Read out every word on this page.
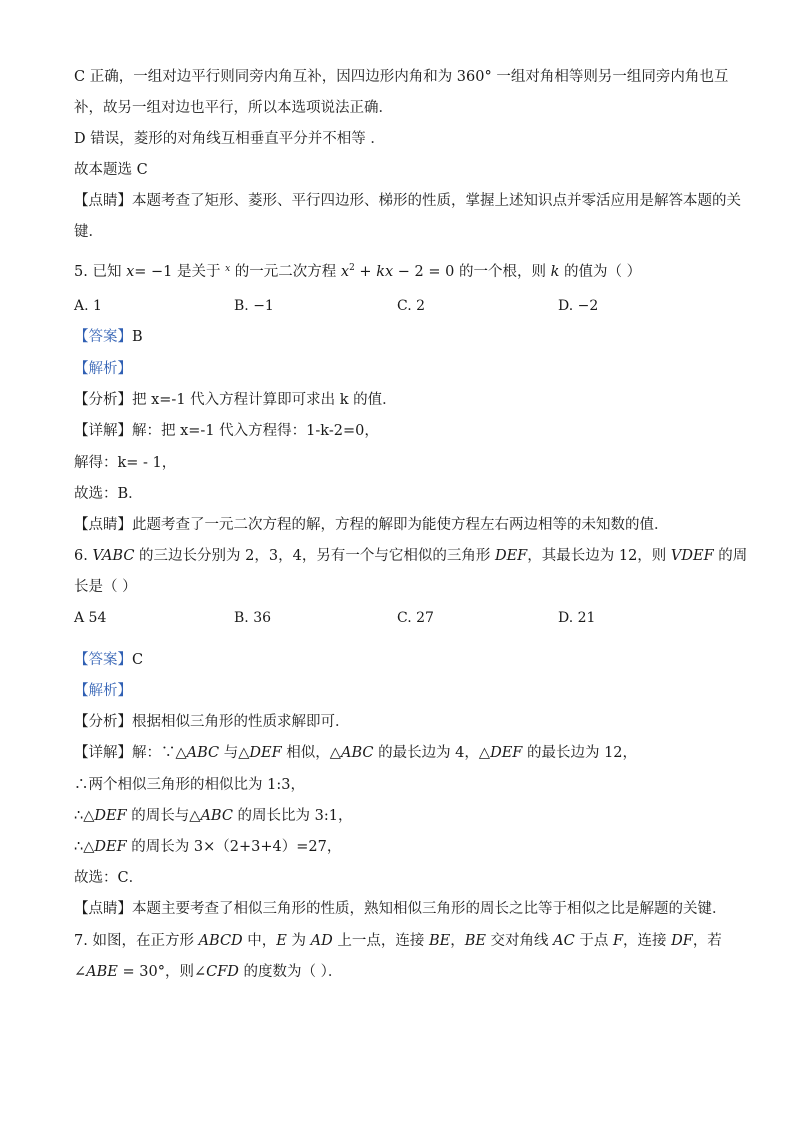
C 正确，一组对边平行则同旁内角互补，因四边形内角和为 360° 一组对角相等则另一组同旁内角也互
补，故另一组对边也平行，所以本选项说法正确．
D 错误，菱形的对角线互相垂直平分并不相等 ．
故本题选 C
【点睛】本题考查了矩形、菱形、平行四边形、梯形的性质，掌握上述知识点并零活应用是解答本题的关
键．
5. 已知 x= −1 是关于 $^x$ 的一元二次方程 $x^2$ + kx − 2 = 0 的一个根，则 k 的值为（ ）
A. 1	B. −1	C. 2	D. −2
【答案】B
【解析】
【分析】把 x=-1 代入方程计算即可求出 k 的值．
【详解】解：把 x=-1 代入方程得：1-k-2=0，
解得：k= - 1，
故选：B．
【点睛】此题考查了一元二次方程的解，方程的解即为能使方程左右两边相等的未知数的值．
6. VABC 的三边长分别为 2，3，4，另有一个与它相似的三角形 DEF，其最长边为 12，则 VDEF 的周
长是（ ）
A 54	B. 36	C. 27	D. 21
【答案】C
【解析】
【分析】根据相似三角形的性质求解即可．
【详解】解：∵△ABC 与△DEF 相似，△ABC 的最长边为 4，△DEF 的最长边为 12，
∴两个相似三角形的相似比为 1:3，
∴△DEF 的周长与△ABC 的周长比为 3:1，
∴△DEF 的周长为 3×（2+3+4）=27，
故选：C．
【点睛】本题主要考查了相似三角形的性质，熟知相似三角形的周长之比等于相似之比是解题的关键．
7. 如图，在正方形 ABCD 中，E 为 AD 上一点，连接 BE，BE 交对角线 AC 于点 F，连接 DF，若
∠ABE = 30°，则∠CFD 的度数为（ ）．
